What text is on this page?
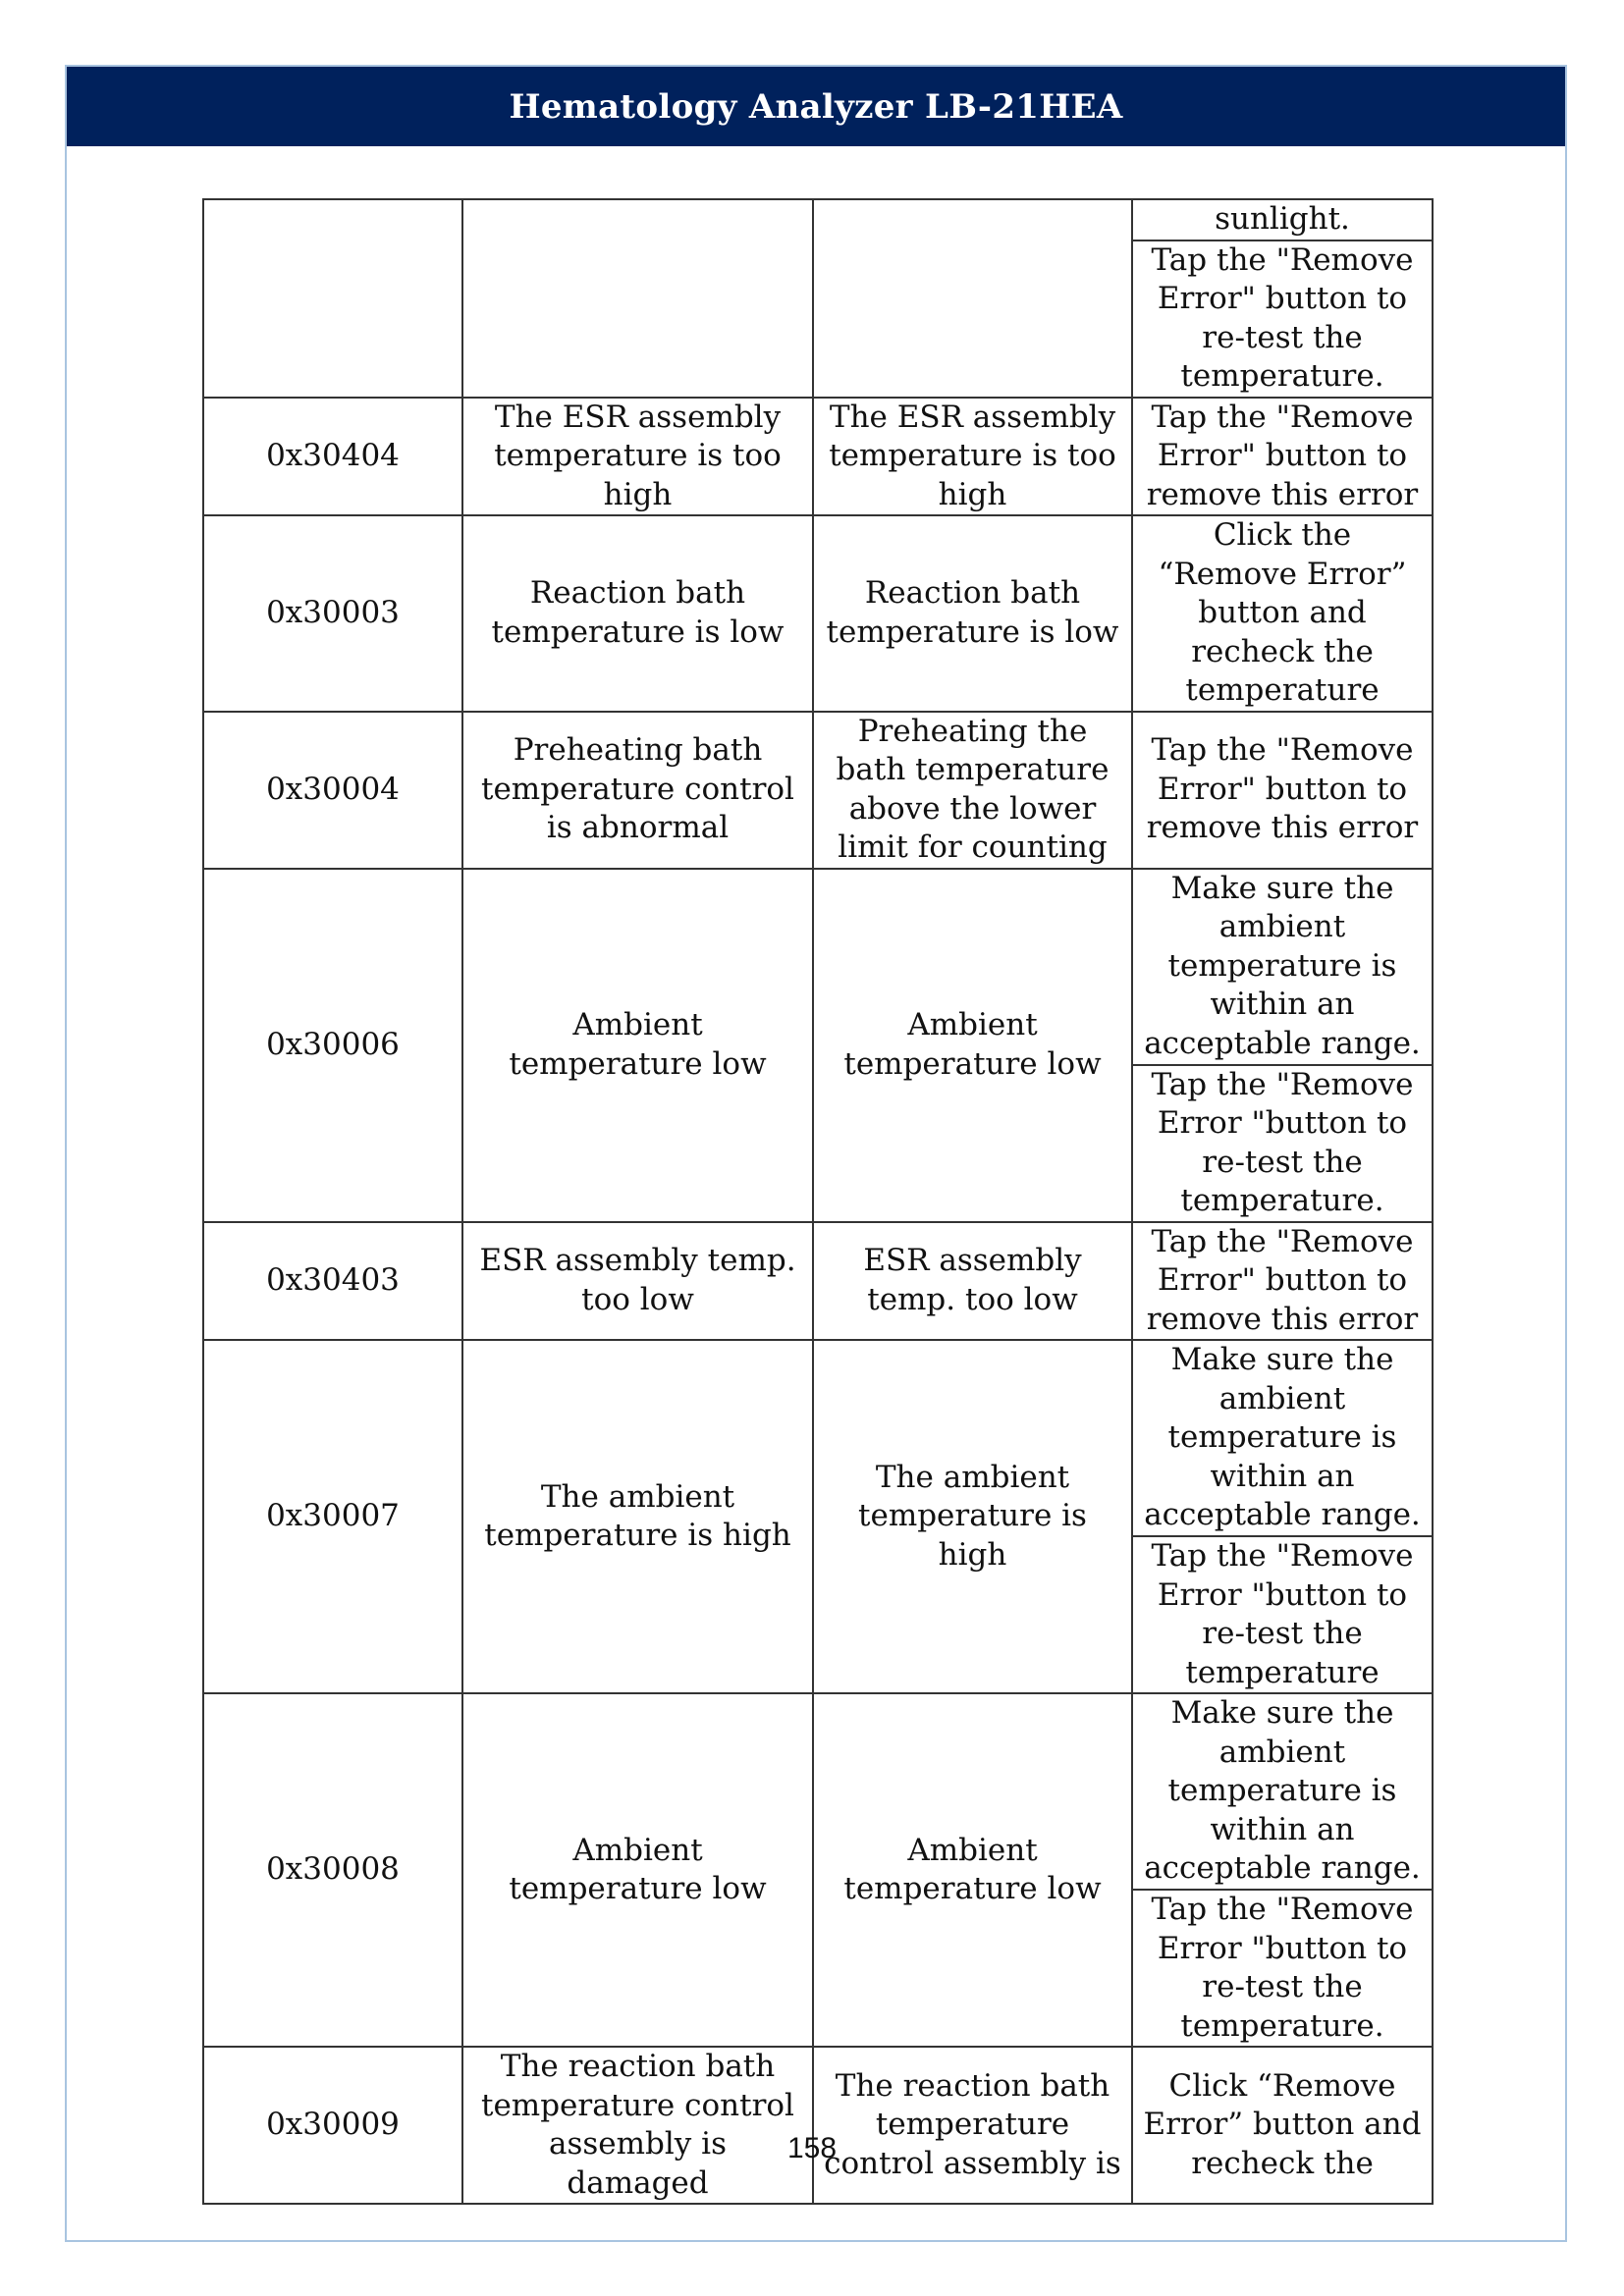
Hematology Analyzer LB-21HEA
			sunlight.
			Tap the "Remove Error" button to re-test the temperature.
0x30404	The ESR assembly temperature is too high	The ESR assembly temperature is too high	Tap the "Remove Error" button to remove this error
0x30003	Reaction bath temperature is low	Reaction bath temperature is low	Click the “Remove Error” button and recheck the temperature
0x30004	Preheating bath temperature control is abnormal	Preheating the bath temperature above the lower limit for counting	Tap the "Remove Error" button to remove this error
0x30006	Ambient temperature low	Ambient temperature low	Make sure the ambient temperature is within an acceptable range.
			Tap the "Remove Error "button to re-test the temperature.
0x30403	ESR assembly temp. too low	ESR assembly temp. too low	Tap the "Remove Error" button to remove this error
0x30007	The ambient temperature is high	The ambient temperature is high	Make sure the ambient temperature is within an acceptable range.
			Tap the "Remove Error "button to re-test the temperature
0x30008	Ambient temperature low	Ambient temperature low	Make sure the ambient temperature is within an acceptable range.
			Tap the "Remove Error "button to re-test the temperature.
0x30009	The reaction bath temperature control assembly is damaged	The reaction bath temperature control assembly is	Click “Remove Error” button and recheck the
158
